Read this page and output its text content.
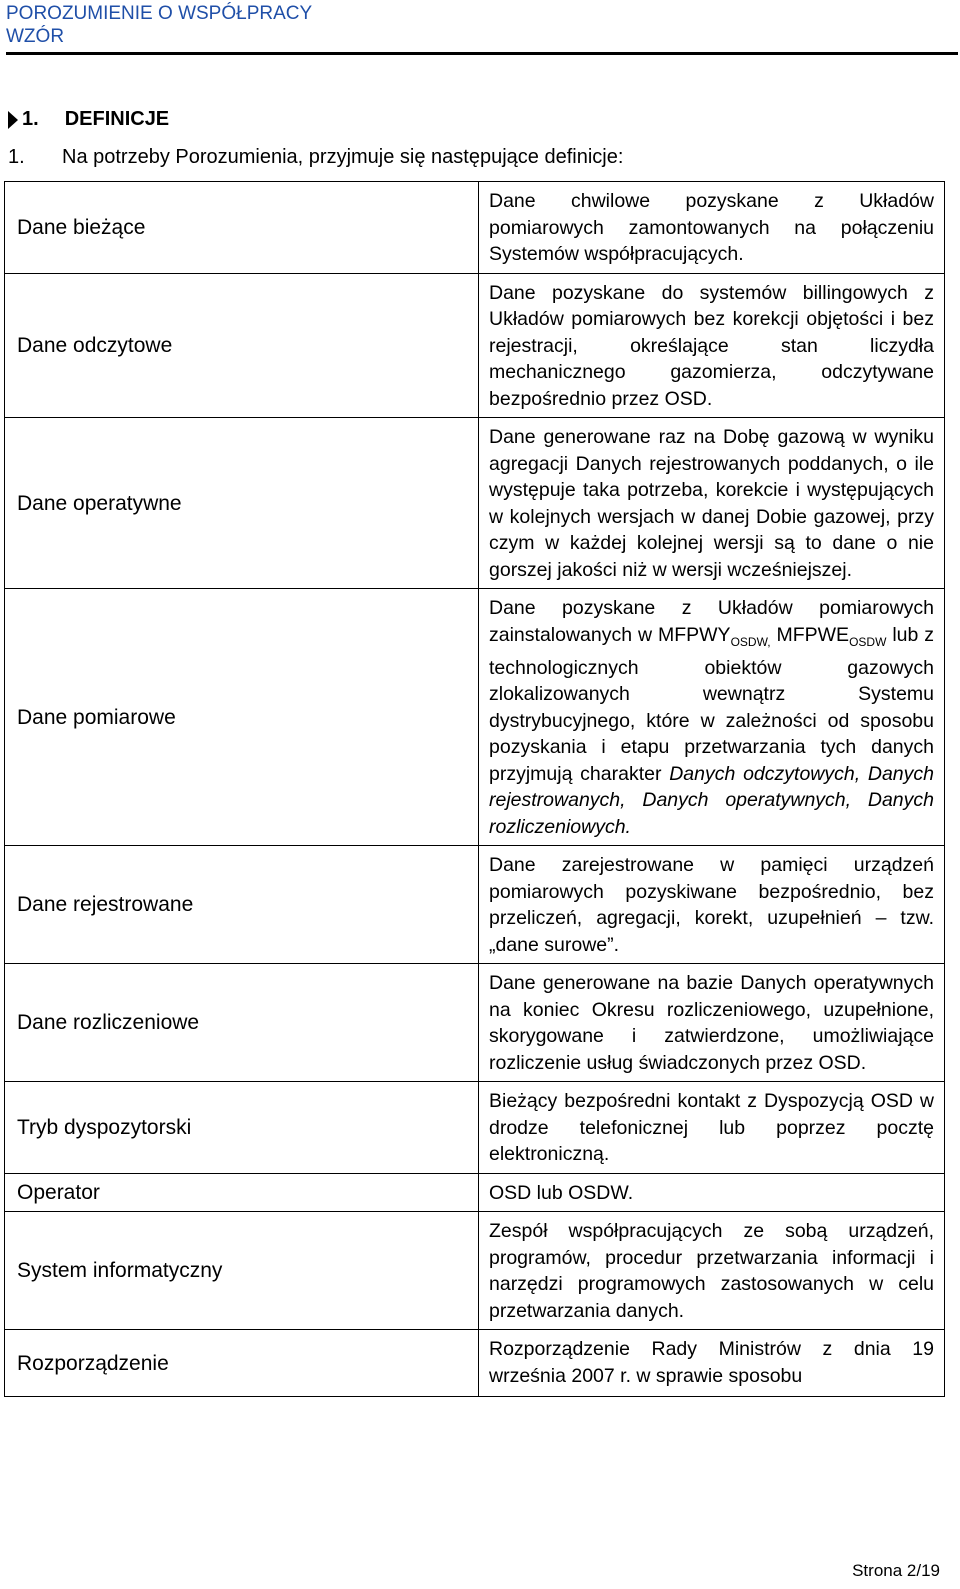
POROZUMIENIE O WSPÓŁPRACY
WZÓR
1. DEFINICJE
1.	Na potrzeby Porozumienia, przyjmuje się następujące definicje:
Dane bieżące	Dane chwilowe pozyskane z Układów pomiarowych zamontowanych na połączeniu Systemów współpracujących.
Dane odczytowe	Dane pozyskane do systemów billingowych z Układów pomiarowych bez korekcji objętości i bez rejestracji, określające stan liczydła mechanicznego gazomierza, odczytywane bezpośrednio przez OSD.
Dane operatywne	Dane generowane raz na Dobę gazową w wyniku agregacji Danych rejestrowanych poddanych, o ile występuje taka potrzeba, korekcie i występujących w kolejnych wersjach w danej Dobie gazowej, przy czym w każdej kolejnej wersji są to dane o nie gorszej jakości niż w wersji wcześniejszej.
Dane pomiarowe	Dane pozyskane z Układów pomiarowych zainstalowanych w $MFPWY_{OSDW,}$ $MFPWE_{OSDW}$ lub z technologicznych obiektów gazowych zlokalizowanych wewnątrz Systemu dystrybucyjnego, które w zależności od sposobu pozyskania i etapu przetwarzania tych danych przyjmują charakter Danych odczytowych, Danych rejestrowanych, Danych operatywnych, Danych rozliczeniowych.
Dane rejestrowane	Dane zarejestrowane w pamięci urządzeń pomiarowych pozyskiwane bezpośrednio, bez przeliczeń, agregacji, korekt, uzupełnień – tzw. „dane surowe”.
Dane rozliczeniowe	Dane generowane na bazie Danych operatywnych na koniec Okresu rozliczeniowego, uzupełnione, skorygowane i zatwierdzone, umożliwiające rozliczenie usług świadczonych przez OSD.
Tryb dyspozytorski	Bieżący bezpośredni kontakt z Dyspozycją OSD w drodze telefonicznej lub poprzez pocztę elektroniczną.
Operator	OSD lub OSDW.
System informatyczny	Zespół współpracujących ze sobą urządzeń, programów, procedur przetwarzania informacji i narzędzi programowych zastosowanych w celu przetwarzania danych.
Rozporządzenie	Rozporządzenie Rady Ministrów z dnia 19 września 2007 r. w sprawie sposobu
Strona 2/19
